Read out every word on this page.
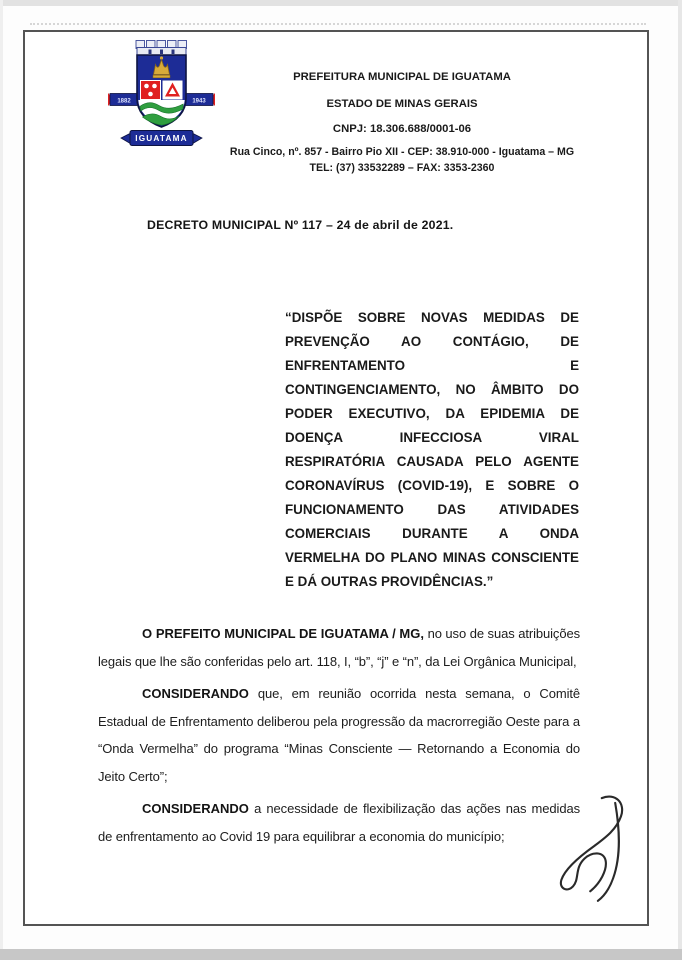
1882	1943
IGUATAMA
PREFEITURA MUNICIPAL DE IGUATAMA
ESTADO DE MINAS GERAIS
CNPJ: 18.306.688/0001-06
Rua Cinco, nº. 857 - Bairro Pio XII - CEP: 38.910-000 - Iguatama – MG
TEL: (37) 33532289 – FAX: 3353-2360
DECRETO MUNICIPAL Nº 117 – 24 de abril de 2021.
“DISPÕE SOBRE NOVAS MEDIDAS DE
PREVENÇÃO AO CONTÁGIO, DE
ENFRENTAMENTO E
CONTINGENCIAMENTO, NO ÂMBITO DO
PODER EXECUTIVO, DA EPIDEMIA DE
DOENÇA INFECCIOSA VIRAL
RESPIRATÓRIA CAUSADA PELO AGENTE
CORONAVÍRUS (COVID-19), E SOBRE O
FUNCIONAMENTO DAS ATIVIDADES
COMERCIAIS DURANTE A ONDA
VERMELHA DO PLANO MINAS CONSCIENTE
E DÁ OUTRAS PROVIDÊNCIAS.”

O PREFEITO MUNICIPAL DE IGUATAMA / MG, no uso de suas atribuições legais que lhe são conferidas pelo art. 118, I, “b”, “j” e “n”, da Lei Orgânica Municipal,

CONSIDERANDO que, em reunião ocorrida nesta semana, o Comitê Estadual de Enfrentamento deliberou pela progressão da macrorregião Oeste para a “Onda Vermelha” do programa “Minas Consciente — Retornando a Economia do Jeito Certo”;

CONSIDERANDO a necessidade de flexibilização das ações nas medidas de enfrentamento ao Covid 19 para equilibrar a economia do município;
